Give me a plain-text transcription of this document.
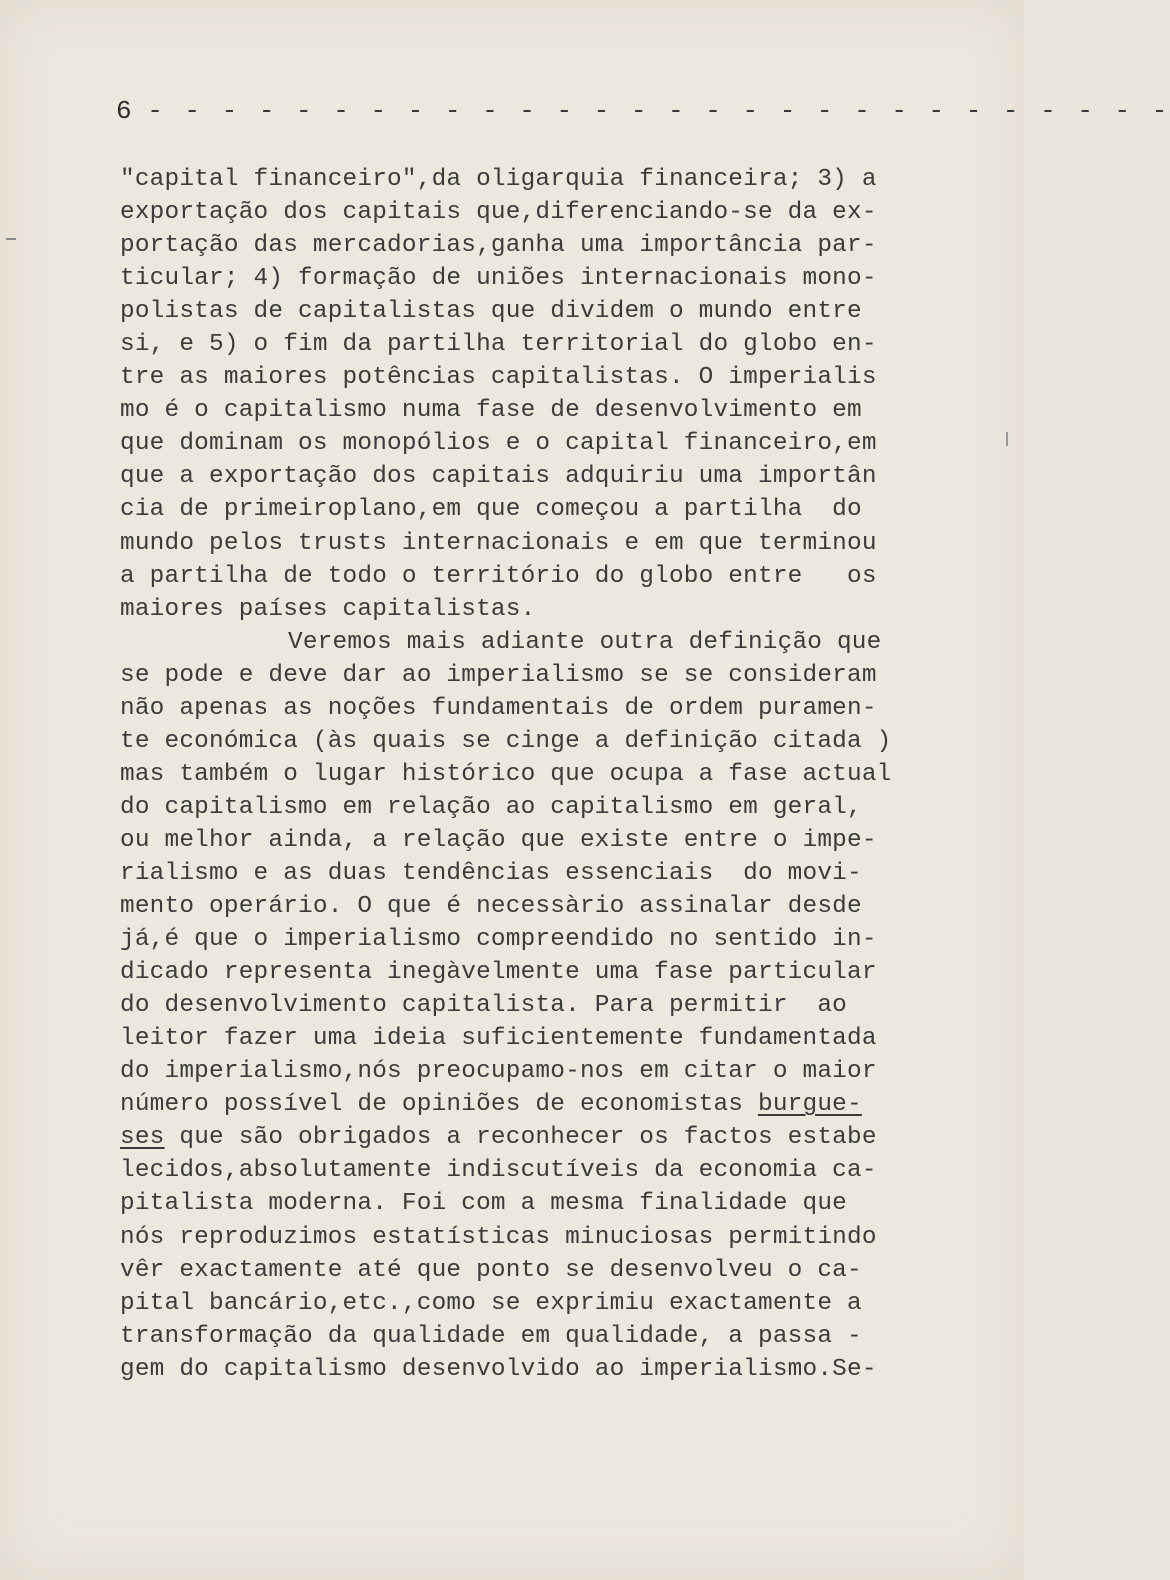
6 - - - - - - - - - - - - - - - - - - - - - - - - - - - -
"capital financeiro",da oligarquia financeira; 3) a
exportação dos capitais que,diferenciando-se da ex-
portação das mercadorias,ganha uma importância par-
ticular; 4) formação de uniões internacionais mono-
polistas de capitalistas que dividem o mundo entre
si, e 5) o fim da partilha territorial do globo en-
tre as maiores potências capitalistas. O imperialis
mo é o capitalismo numa fase de desenvolvimento em
que dominam os monopólios e o capital financeiro,em
que a exportação dos capitais adquiriu uma importân
cia de primeiroplano,em que começou a partilha  do
mundo pelos trusts internacionais e em que terminou
a partilha de todo o território do globo entre   os
maiores países capitalistas.
Veremos mais adiante outra definição que
se pode e deve dar ao imperialismo se se consideram
não apenas as noções fundamentais de ordem puramen-
te económica (às quais se cinge a definição citada )
mas também o lugar histórico que ocupa a fase actual
do capitalismo em relação ao capitalismo em geral,
ou melhor ainda, a relação que existe entre o impe-
rialismo e as duas tendências essenciais  do movi-
mento operário. O que é necessàrio assinalar desde
já,é que o imperialismo compreendido no sentido in-
dicado representa inegàvelmente uma fase particular
do desenvolvimento capitalista. Para permitir  ao
leitor fazer uma ideia suficientemente fundamentada
do imperialismo,nós preocupamo-nos em citar o maior
número possível de opiniões de economistas burgue-
ses que são obrigados a reconhecer os factos estabe
lecidos,absolutamente indiscutíveis da economia ca-
pitalista moderna. Foi com a mesma finalidade que
nós reproduzimos estatísticas minuciosas permitindo
vêr exactamente até que ponto se desenvolveu o ca-
pital bancário,etc.,como se exprimiu exactamente a
transformação da qualidade em qualidade, a passa -
gem do capitalismo desenvolvido ao imperialismo.Se-
